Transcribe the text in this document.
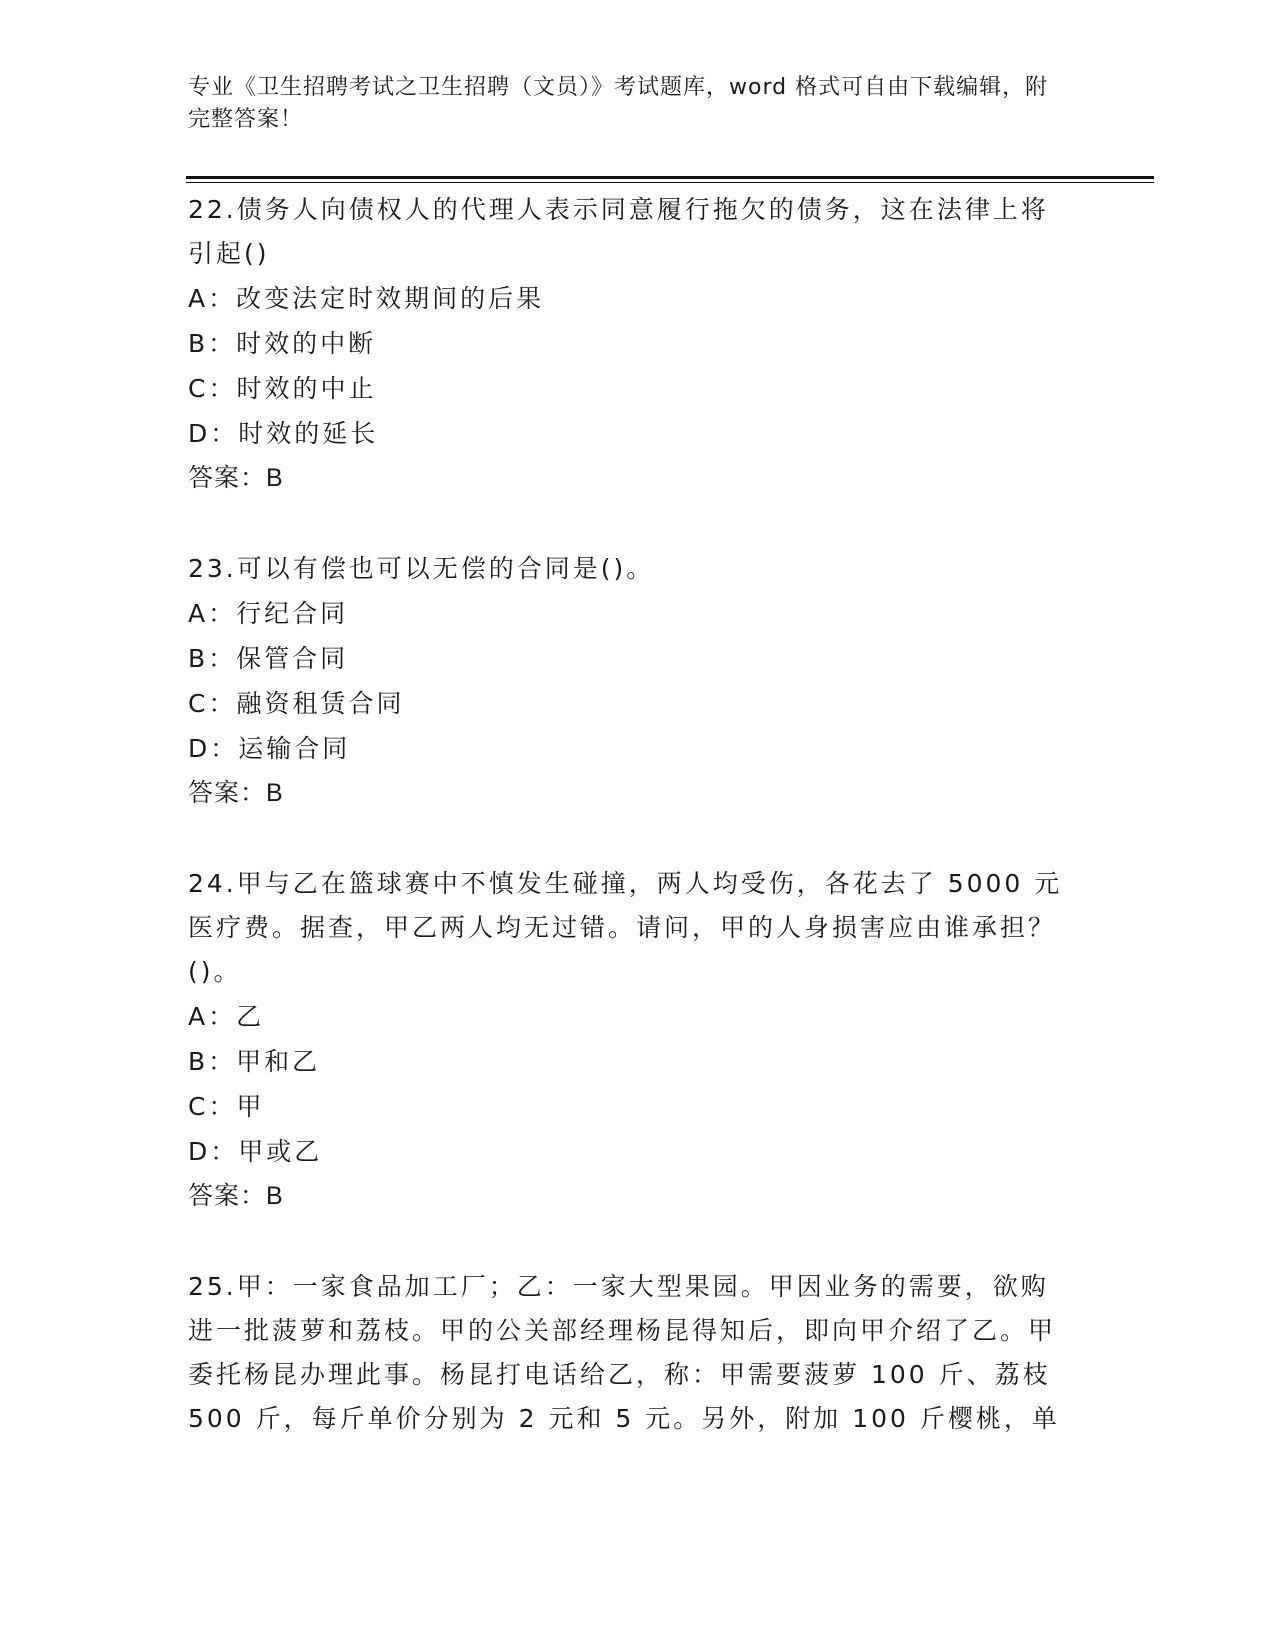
专业《卫生招聘考试之卫生招聘（文员）》考试题库，word 格式可自由下载编辑，附完整答案！

22.债务人向债权人的代理人表示同意履行拖欠的债务，这在法律上将引起()

A：改变法定时效期间的后果

B：时效的中断

C：时效的中止

D：时效的延长

答案：B

23.可以有偿也可以无偿的合同是()。

A：行纪合同

B：保管合同

C：融资租赁合同

D：运输合同

答案：B

24.甲与乙在篮球赛中不慎发生碰撞，两人均受伤，各花去了 5000 元医疗费。据查，甲乙两人均无过错。请问，甲的人身损害应由谁承担？()。

A：乙

B：甲和乙

C：甲

D：甲或乙

答案：B

25.甲：一家食品加工厂；乙：一家大型果园。甲因业务的需要，欲购进一批菠萝和荔枝。甲的公关部经理杨昆得知后，即向甲介绍了乙。甲委托杨昆办理此事。杨昆打电话给乙，称：甲需要菠萝 100 斤、荔枝 500 斤，每斤单价分别为 2 元和 5 元。另外，附加 100 斤樱桃，单
